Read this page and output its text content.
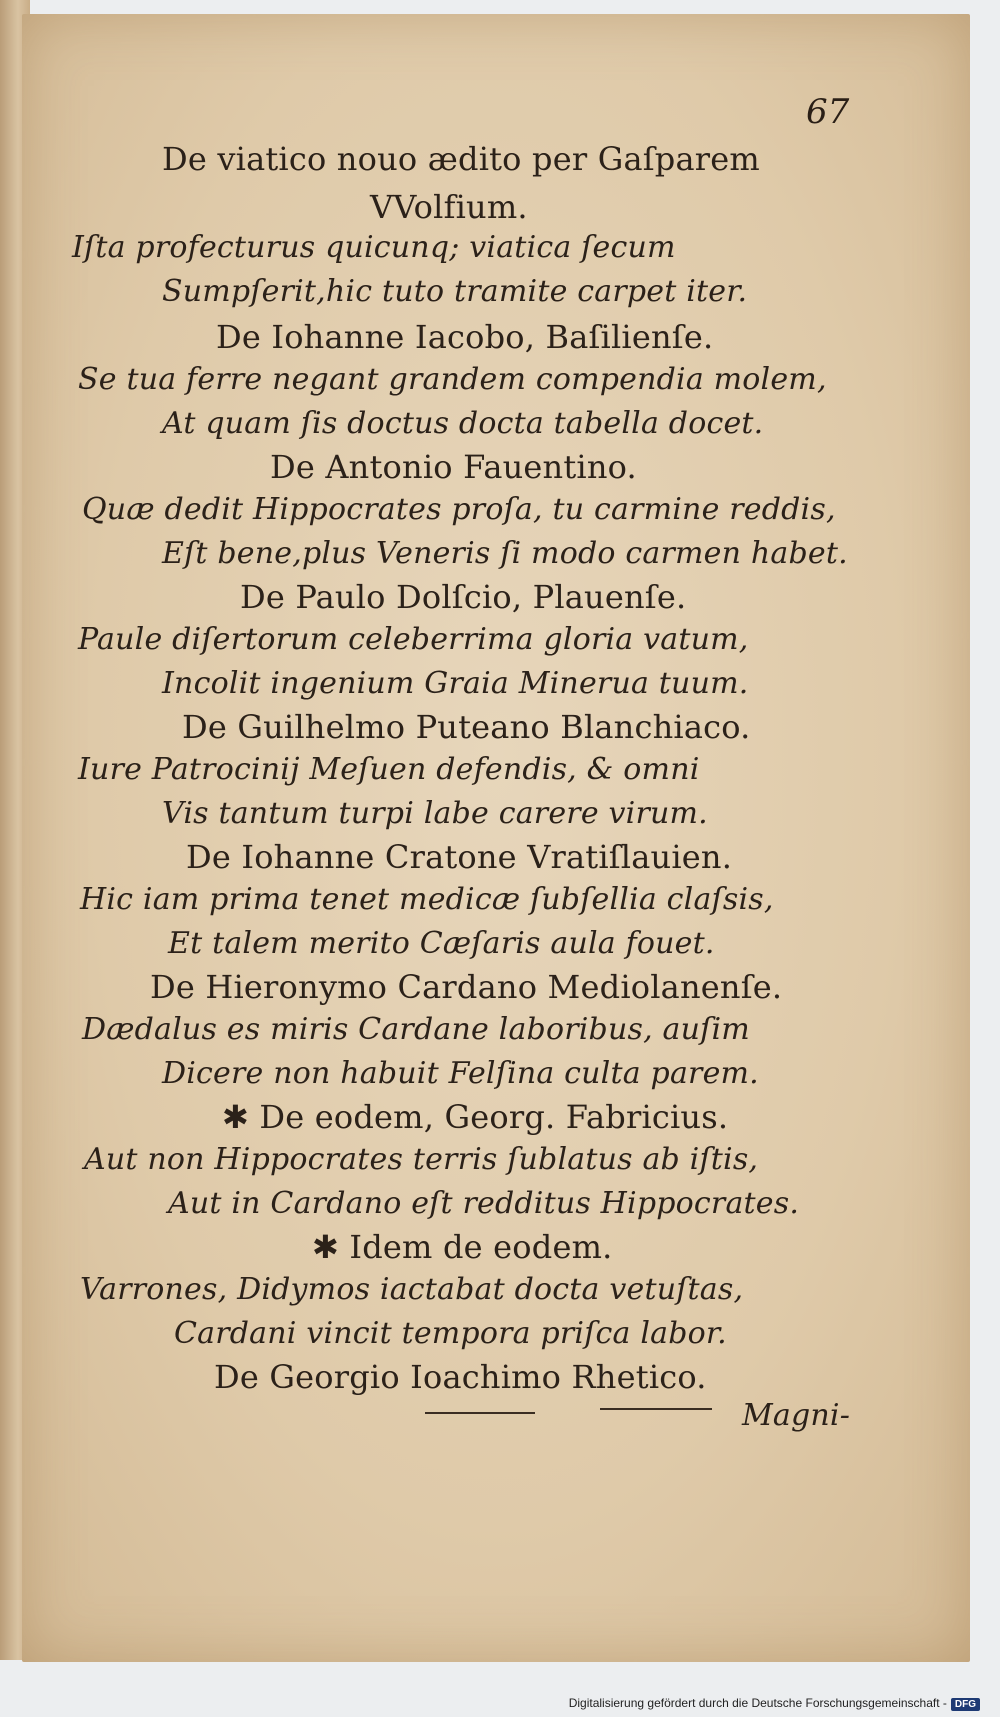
67
De viatico nouo ædito per Gaſparem
VVolfium.
Iſta profecturus quicunq; viatica ſecum
Sumpſerit,hic tuto tramite carpet iter.
De Iohanne Iacobo, Baſilienſe.
Se tua ferre negant grandem compendia molem,
At quam ſis doctus docta tabella docet.
De Antonio Fauentino.
Quæ dedit Hippocrates proſa, tu carmine reddis,
Eſt bene,plus Veneris ſi modo carmen habet.
De Paulo Dolſcio, Plauenſe.
Paule diſertorum celeberrima gloria vatum,
Incolit ingenium Graia Minerua tuum.
De Guilhelmo Puteano Blanchiaco.
Iure Patrocinij Meſuen defendis, & omni
Vis tantum turpi labe carere virum.
De Iohanne Cratone Vratiſlauien.
Hic iam prima tenet medicæ ſubſellia claſsis,
Et talem merito Cæſaris aula fouet.
De Hieronymo Cardano Mediolanenſe.
Dædalus es miris Cardane laboribus, auſim
Dicere non habuit Felſina culta parem.
✱ De eodem, Georg. Fabricius.
Aut non Hippocrates terris ſublatus ab iſtis,
Aut in Cardano eſt redditus Hippocrates.
✱ Idem de eodem.
Varrones, Didymos iactabat docta vetuſtas,
Cardani vincit tempora priſca labor.
De Georgio Ioachimo Rhetico.
Magni-
Digitalisierung gefördert durch die Deutsche Forschungsgemeinschaft - DFG
